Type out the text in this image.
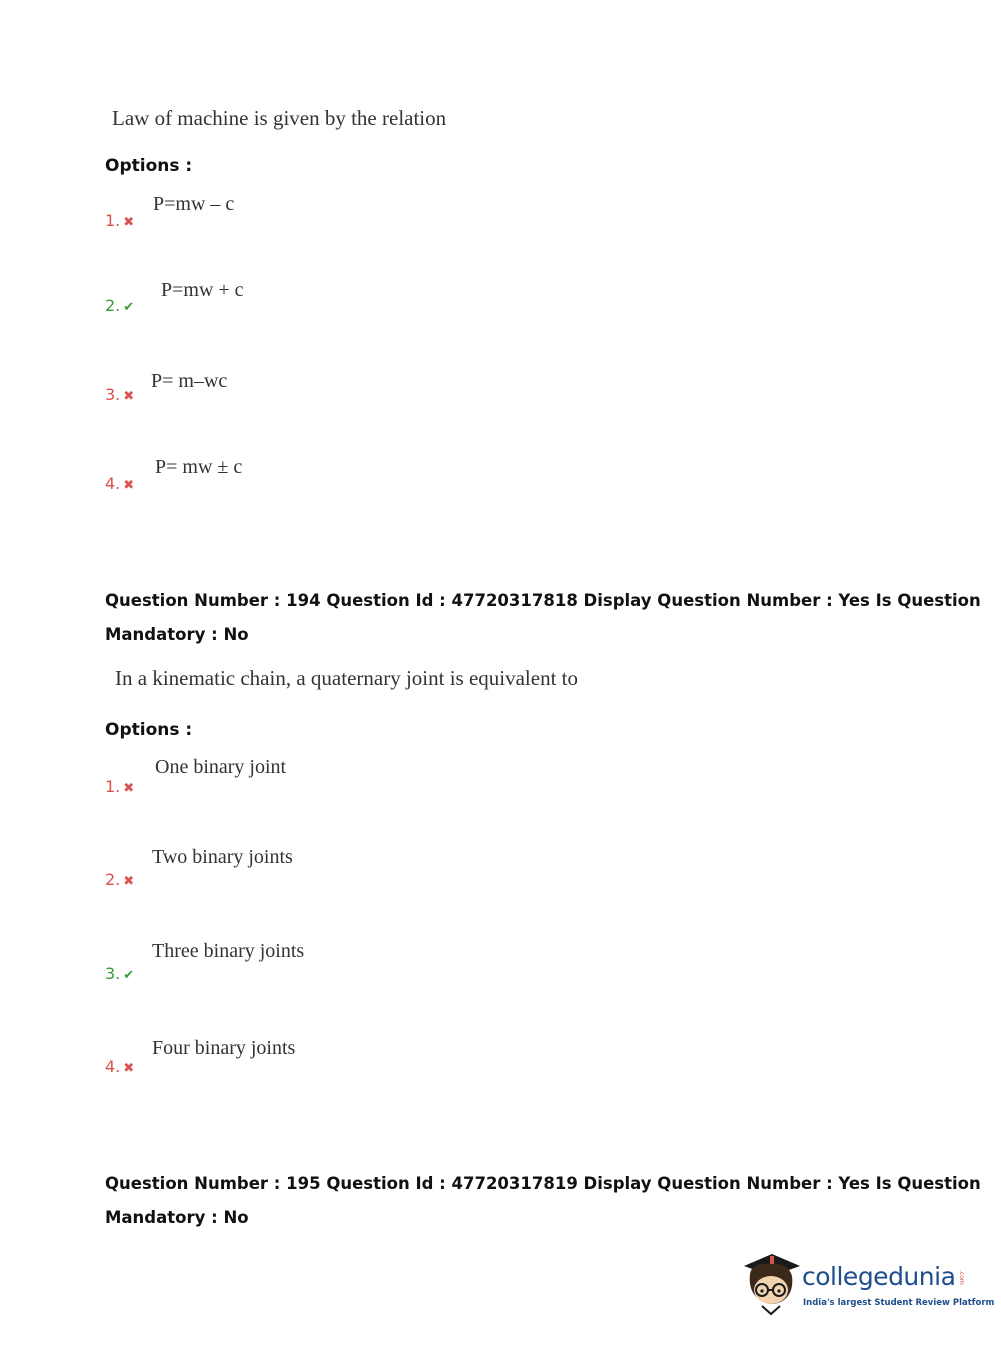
Law of machine is given by the relation
Options :
1. ✖
P=mw – c
2. ✔
P=mw + c
3. ✖
P= m–wc
4. ✖
P= mw ± c
Question Number : 194 Question Id : 47720317818 Display Question Number : Yes Is Question
Mandatory : No
In a kinematic chain, a quaternary joint is equivalent to
Options :
1. ✖
One binary joint
2. ✖
Two binary joints
3. ✔
Three binary joints
4. ✖
Four binary joints
Question Number : 195 Question Id : 47720317819 Display Question Number : Yes Is Question
Mandatory : No
collegedunia .com
India's largest Student Review Platform
